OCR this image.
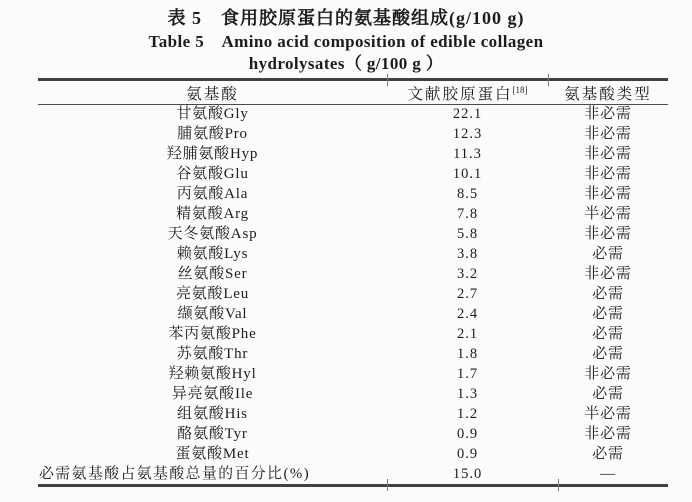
表 5　食用胶原蛋白的氨基酸组成(g/100 g)
Table 5　Amino acid composition of edible collagen
hydrolysates（ g/100 g ）
氨基酸	文献胶原蛋白[18]	氨基酸类型
甘氨酸Gly	22.1	非必需
脯氨酸Pro	12.3	非必需
羟脯氨酸Hyp	11.3	非必需
谷氨酸Glu	10.1	非必需
丙氨酸Ala	8.5	非必需
精氨酸Arg	7.8	半必需
天冬氨酸Asp	5.8	非必需
赖氨酸Lys	3.8	必需
丝氨酸Ser	3.2	非必需
亮氨酸Leu	2.7	必需
缬氨酸Val	2.4	必需
苯丙氨酸Phe	2.1	必需
苏氨酸Thr	1.8	必需
羟赖氨酸Hyl	1.7	非必需
异亮氨酸Ile	1.3	必需
组氨酸His	1.2	半必需
酪氨酸Tyr	0.9	非必需
蛋氨酸Met	0.9	必需
必需氨基酸占氨基酸总量的百分比(%)	15.0	—
